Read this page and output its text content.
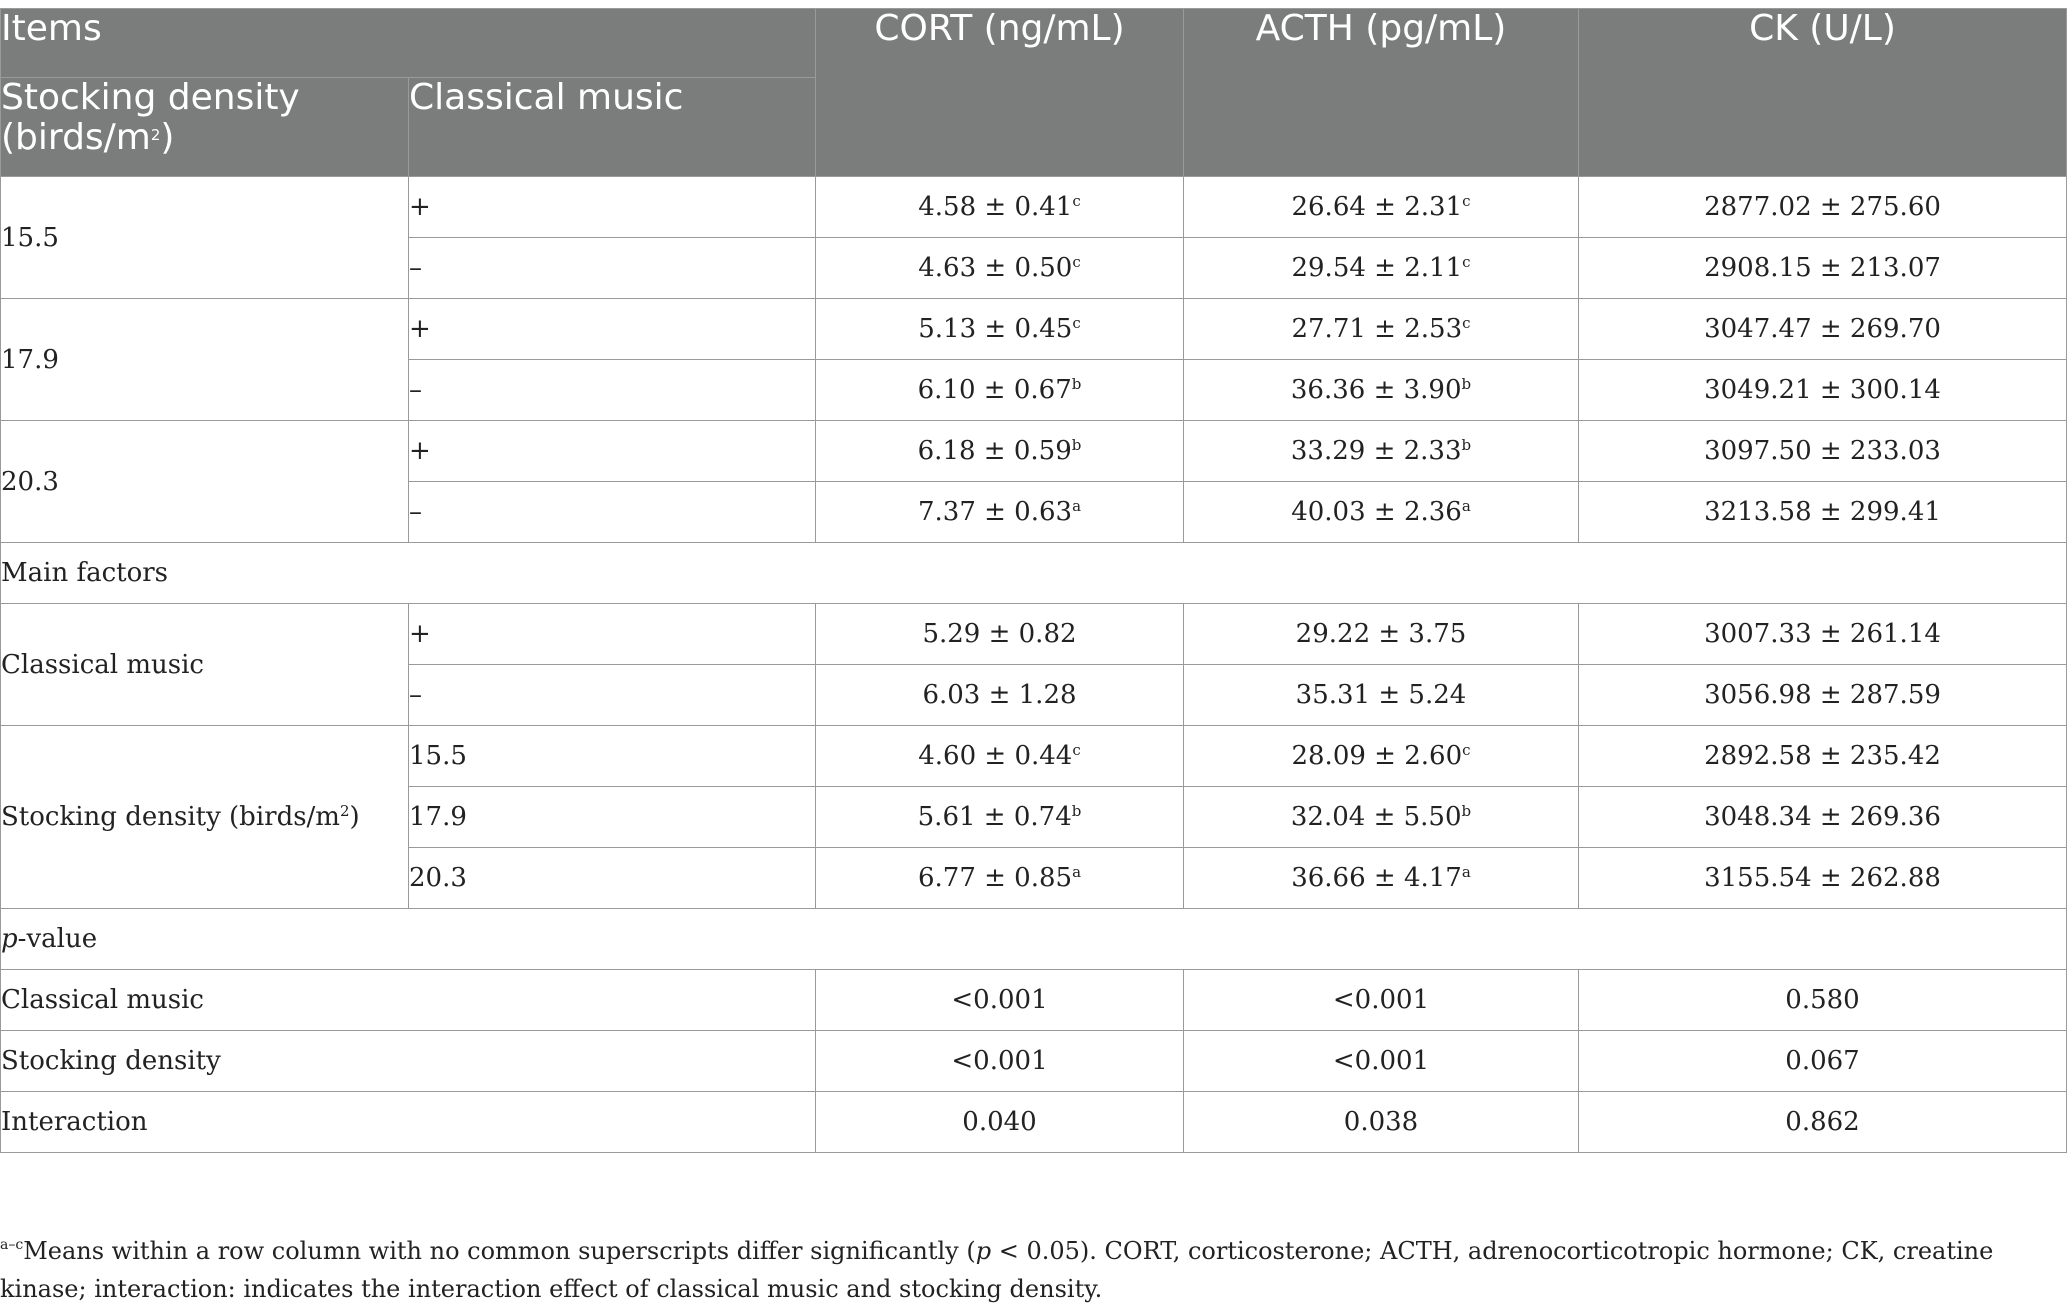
Items		CORT (ng/mL)	ACTH (pg/mL)	CK (U/L)
Stocking density $(birds/m^2)$	Classical music			
15.5	+	4.58 ± 0.41$^c$	26.64 ± 2.31$^c$	2877.02 ± 275.60
	–	4.63 ± 0.50$^c$	29.54 ± 2.11$^c$	2908.15 ± 213.07
17.9	+	5.13 ± 0.45$^c$	27.71 ± 2.53$^c$	3047.47 ± 269.70
	–	6.10 ± 0.67$^b$	36.36 ± 3.90$^b$	3049.21 ± 300.14
20.3	+	6.18 ± 0.59$^b$	33.29 ± 2.33$^b$	3097.50 ± 233.03
	–	7.37 ± 0.63$^a$	40.03 ± 2.36$^a$	3213.58 ± 299.41
Main factors				
Classical music	+	5.29 ± 0.82	29.22 ± 3.75	3007.33 ± 261.14
	–	6.03 ± 1.28	35.31 ± 5.24	3056.98 ± 287.59
Stocking density $(birds/m^2)$	15.5	4.60 ± 0.44$^c$	28.09 ± 2.60$^c$	2892.58 ± 235.42
	17.9	5.61 ± 0.74$^b$	32.04 ± 5.50$^b$	3048.34 ± 269.36
	20.3	6.77 ± 0.85$^a$	36.66 ± 4.17$^a$	3155.54 ± 262.88
p-value				
Classical music		<0.001	<0.001	0.580
Stocking density		<0.001	<0.001	0.067
Interaction		0.040	0.038	0.862
$^{a-c}$Means within a row column with no common superscripts differ significantly (p < 0.05). CORT, corticosterone; ACTH, adrenocorticotropic hormone; CK, creatine kinase; interaction: indicates the interaction effect of classical music and stocking density.
